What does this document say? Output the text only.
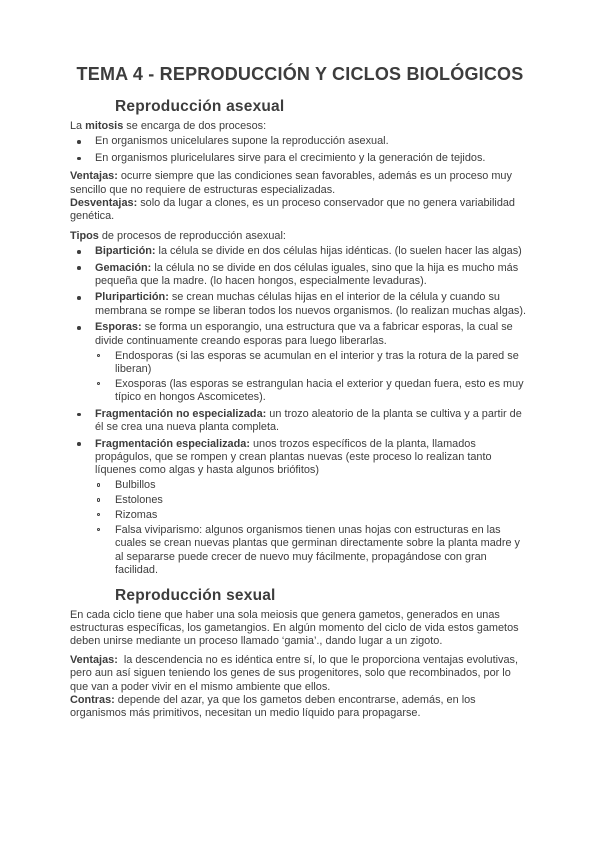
TEMA 4 - REPRODUCCIÓN Y CICLOS BIOLÓGICOS
Reproducción asexual

La mitosis se encarga de dos procesos:

En organismos unicelulares supone la reproducción asexual.
En organismos pluricelulares sirve para el crecimiento y la generación de tejidos.

Ventajas: ocurre siempre que las condiciones sean favorables, además es un proceso muy sencillo que no requiere de estructuras especializadas.

Desventajas: solo da lugar a clones, es un proceso conservador que no genera variabilidad genética.

Tipos de procesos de reproducción asexual:

Bipartición: la célula se divide en dos células hijas idénticas. (lo suelen hacer las algas)
Gemación: la célula no se divide en dos células iguales, sino que la hija es mucho más pequeña que la madre. (lo hacen hongos, especialmente levaduras).
Pluripartición: se crean muchas células hijas en el interior de la célula y cuando su membrana se rompe se liberan todos los nuevos organismos. (lo realizan muchas algas).
Esporas: se forma un esporangio, una estructura que va a fabricar esporas, la cual se divide continuamente creando esporas para luego liberarlas.
Endosporas (si las esporas se acumulan en el interior y tras la rotura de la pared se liberan)
Exosporas (las esporas se estrangulan hacia el exterior y quedan fuera, esto es muy típico en hongos Ascomicetes).
Fragmentación no especializada: un trozo aleatorio de la planta se cultiva y a partir de él se crea una nueva planta completa.
Fragmentación especializada: unos trozos específicos de la planta, llamados propágulos, que se rompen y crean plantas nuevas (este proceso lo realizan tanto líquenes como algas y hasta algunos briófitos)
Bulbillos
Estolones
Rizomas
Falsa viviparismo: algunos organismos tienen unas hojas con estructuras en las cuales se crean nuevas plantas que germinan directamente sobre la planta madre y al separarse puede crecer de nuevo muy fácilmente, propagándose con gran facilidad.
Reproducción sexual

En cada ciclo tiene que haber una sola meiosis que genera gametos, generados en unas estructuras específicas, los gametangios. En algún momento del ciclo de vida estos gametos deben unirse mediante un proceso llamado ‘gamia’., dando lugar a un zigoto.

Ventajas:  la descendencia no es idéntica entre sí, lo que le proporciona ventajas evolutivas, pero aun así siguen teniendo los genes de sus progenitores, solo que recombinados, por lo que van a poder vivir en el mismo ambiente que ellos.

Contras: depende del azar, ya que los gametos deben encontrarse, además, en los organismos más primitivos, necesitan un medio líquido para propagarse.
